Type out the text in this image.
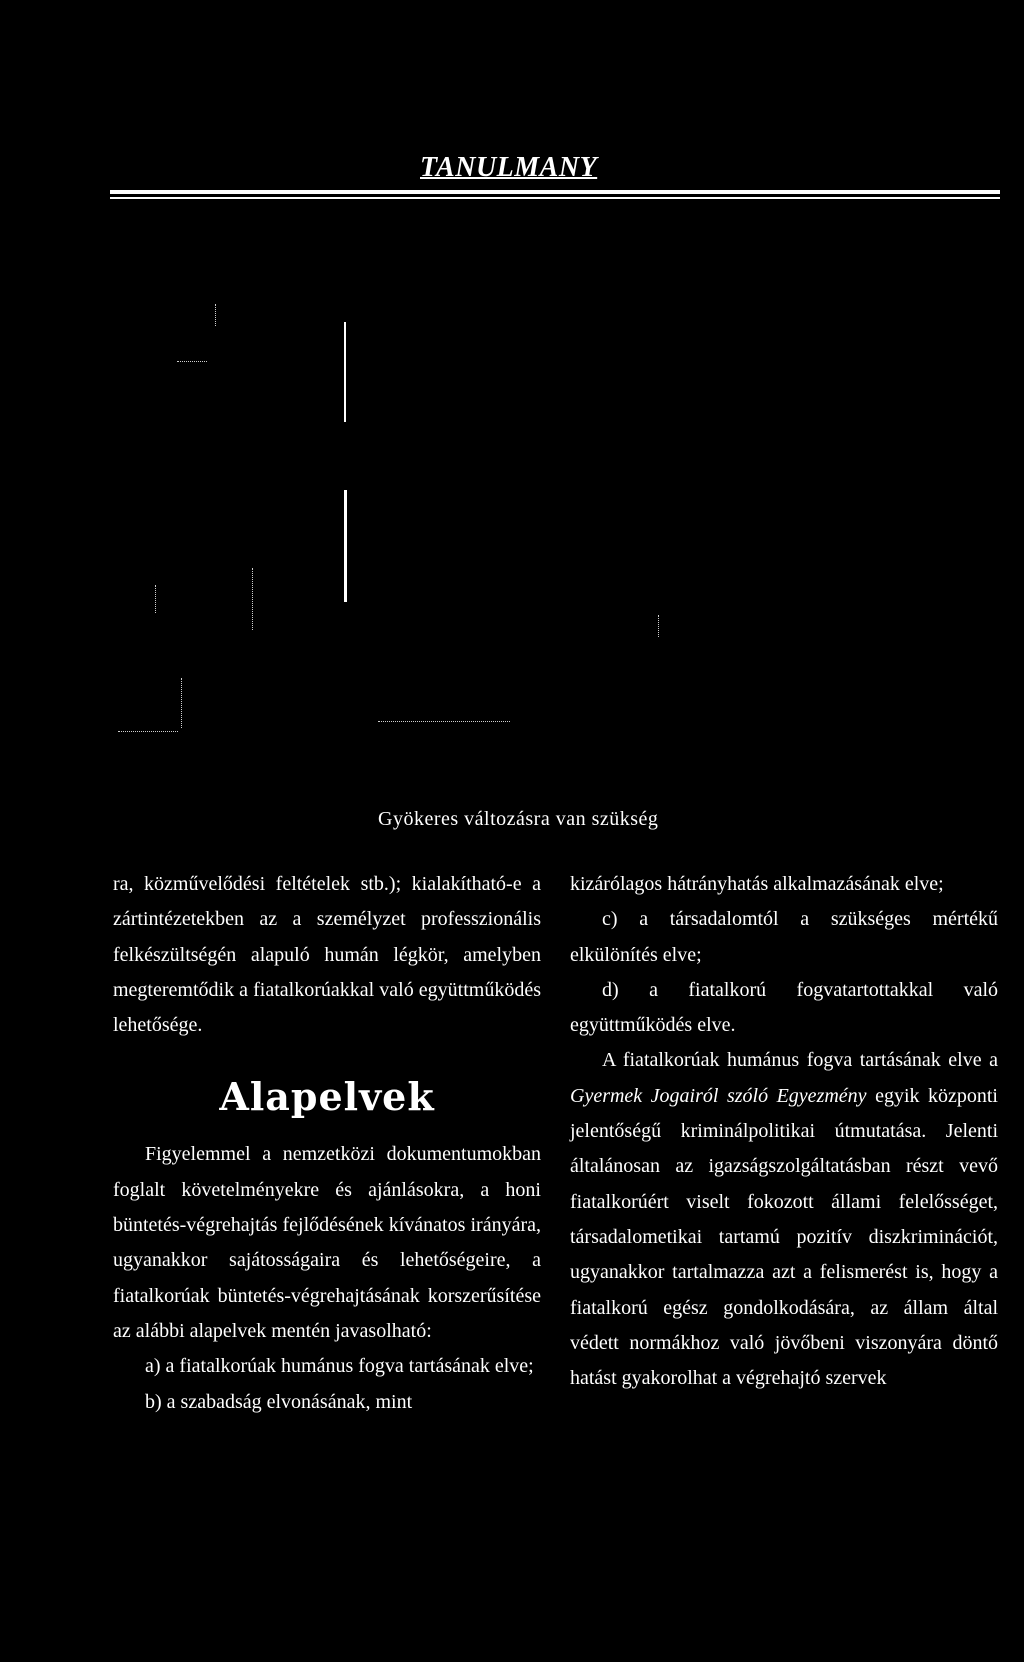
TANULMANY
Gyökeres változásra van szükség

ra, közművelődési feltételek stb.); kialakítható-e a zártintézetekben az a személyzet professzionális felkészültségén alapuló humán légkör, amelyben megteremtődik a fiatalkorúakkal való együttműködés lehetősége.

Alapelvek

Figyelemmel a nemzetközi dokumentumokban foglalt követelményekre és ajánlásokra, a honi büntetés-végrehajtás fejlődésének kívánatos irányára, ugyanakkor sajátosságaira és lehetőségeire, a fiatalkorúak büntetés-végrehajtásának korszerűsítése az alábbi alapelvek mentén javasolható:

a) a fiatalkorúak humánus fogva tartásának elve;

b) a szabadság elvonásának, mint

kizárólagos hátrányhatás alkalmazásának elve;

c) a társadalomtól a szükséges mértékű elkülönítés elve;

d) a fiatalkorú fogvatartottakkal való együttműködés elve.

A fiatalkorúak humánus fogva tartásának elve a Gyermek Jogairól szóló Egyezmény egyik központi jelentőségű kriminálpolitikai útmutatása. Jelenti általánosan az igazságszolgáltatásban részt vevő fiatalkorúért viselt fokozott állami felelősséget, társadalometikai tartamú pozitív diszkriminációt, ugyanakkor tartalmazza azt a felismerést is, hogy a fiatalkorú egész gondolkodására, az állam által védett normákhoz való jövőbeni viszonyára döntő hatást gyakorolhat a végrehajtó szervek
